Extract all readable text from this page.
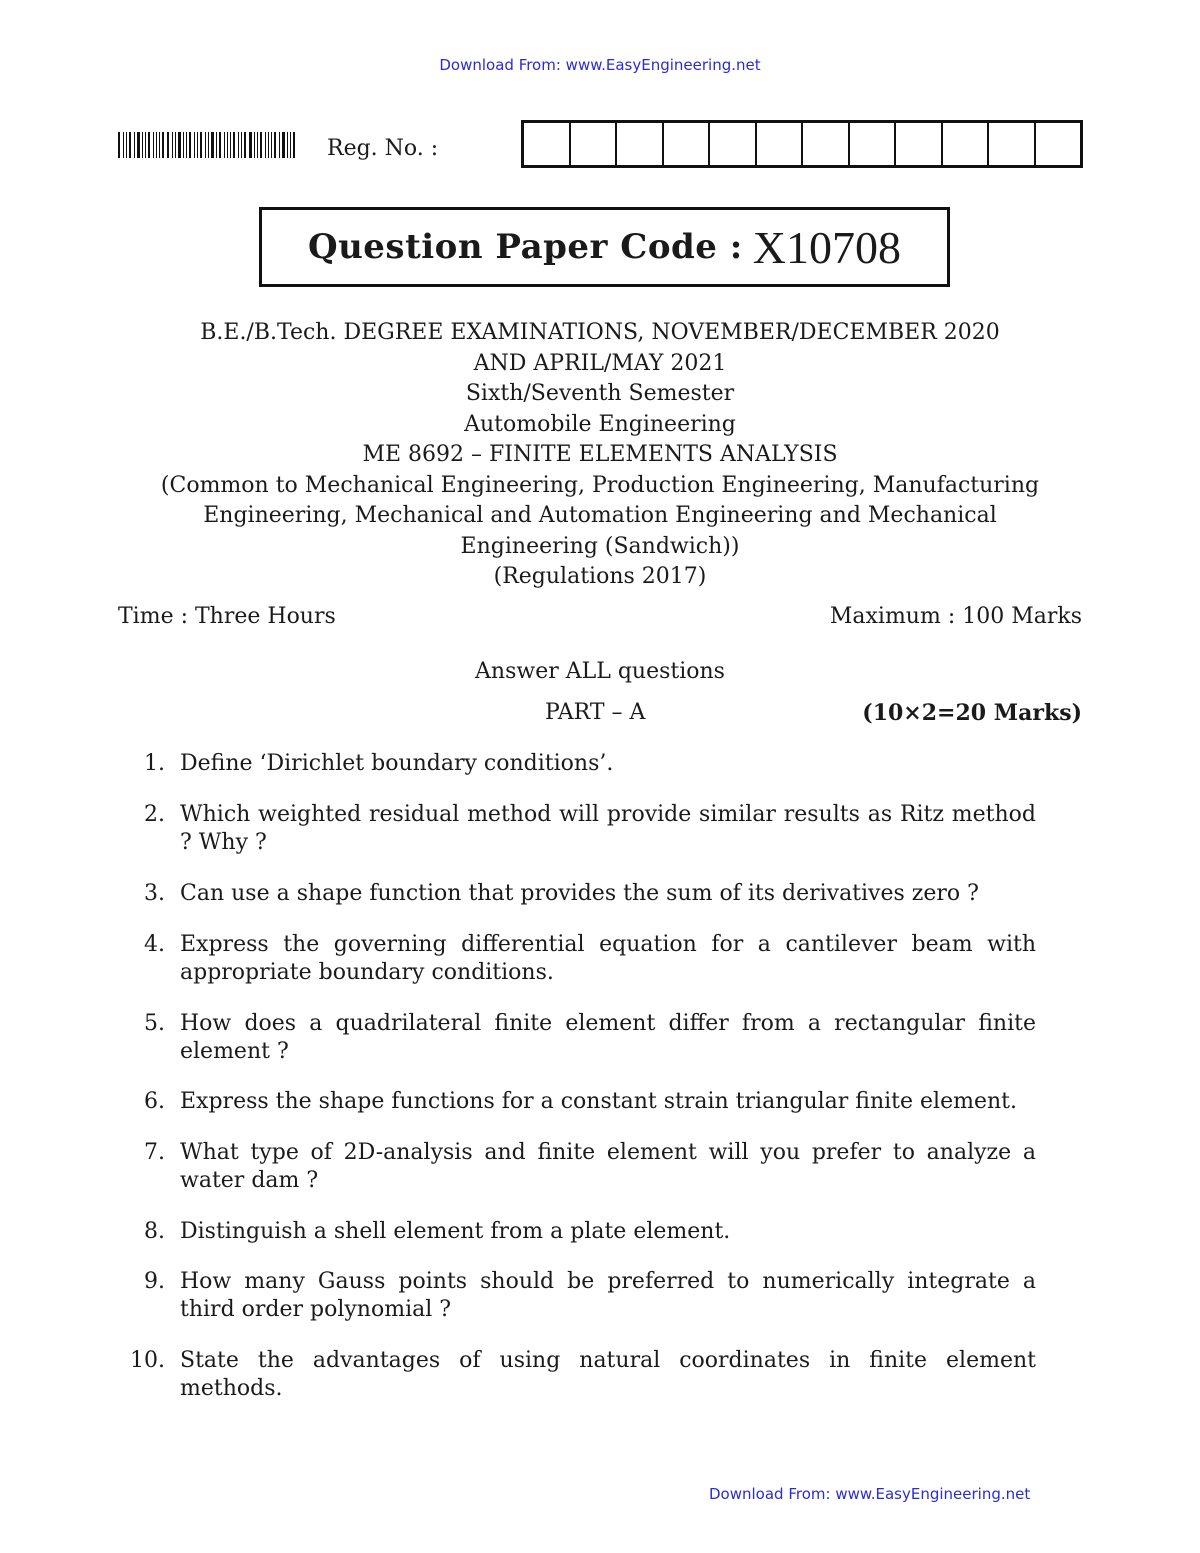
Download From: www.EasyEngineering.net
Reg. No. :
Question Paper Code : X10708
B.E./B.Tech. DEGREE EXAMINATIONS, NOVEMBER/DECEMBER 2020
AND APRIL/MAY 2021
Sixth/Seventh Semester
Automobile Engineering
ME 8692 – FINITE ELEMENTS ANALYSIS
(Common to Mechanical Engineering, Production Engineering, Manufacturing
Engineering, Mechanical and Automation Engineering and Mechanical
Engineering (Sandwich))
(Regulations 2017)
Time : Three Hours	Maximum : 100 Marks
Answer ALL questions
PART – A	(10×2=20 Marks)
1. Define ‘Dirichlet boundary conditions’.
2. Which weighted residual method will provide similar results as Ritz method ? Why ?
3. Can use a shape function that provides the sum of its derivatives zero ?
4. Express the governing differential equation for a cantilever beam with appropriate boundary conditions.
5. How does a quadrilateral finite element differ from a rectangular finite element ?
6. Express the shape functions for a constant strain triangular finite element.
7. What type of 2D-analysis and finite element will you prefer to analyze a water dam ?
8. Distinguish a shell element from a plate element.
9. How many Gauss points should be preferred to numerically integrate a third order polynomial ?
10. State the advantages of using natural coordinates in finite element methods.
Download From: www.EasyEngineering.net
